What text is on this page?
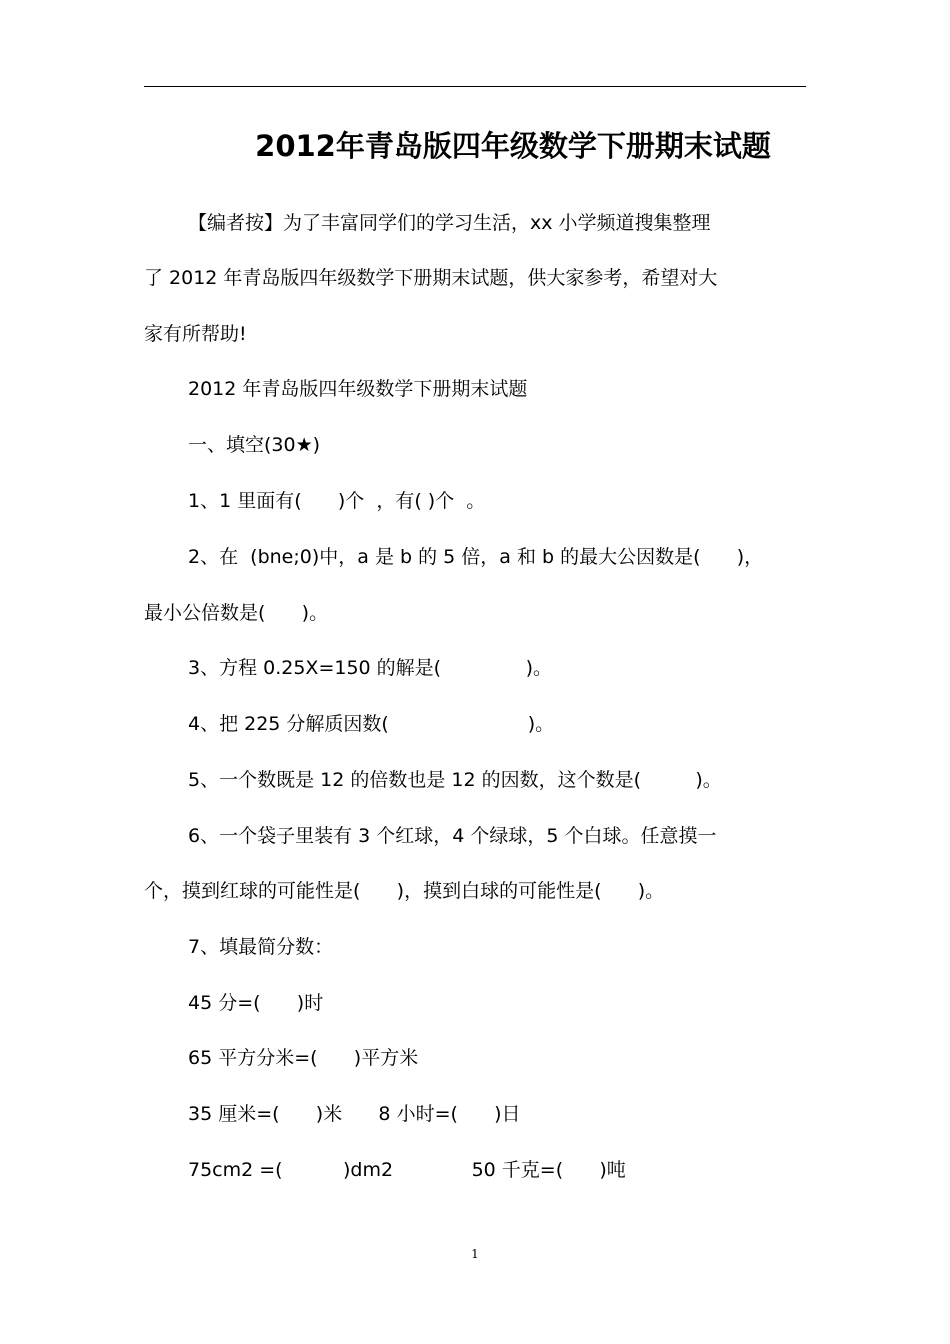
2012年青岛版四年级数学下册期末试题
【编者按】为了丰富同学们的学习生活，xx 小学频道搜集整理
了 2012 年青岛版四年级数学下册期末试题，供大家参考，希望对大
家有所帮助!
2012 年青岛版四年级数学下册期末试题
一、填空(30★)
1、1 里面有(      )个  ，有( )个  。
2、在  (bne;0)中，a 是 b 的 5 倍，a 和 b 的最大公因数是(      )，
最小公倍数是(      )。
3、方程 0.25X=150 的解是(              )。
4、把 225 分解质因数(                       )。
5、一个数既是 12 的倍数也是 12 的因数，这个数是(         )。
6、一个袋子里装有 3 个红球，4 个绿球，5 个白球。任意摸一
个，摸到红球的可能性是(      )，摸到白球的可能性是(      )。
7、填最简分数：
45 分=(      )时
65 平方分米=(      )平方米
35 厘米=(      )米      8 小时=(      )日
75cm2 =(          )dm2             50 千克=(      )吨
1
